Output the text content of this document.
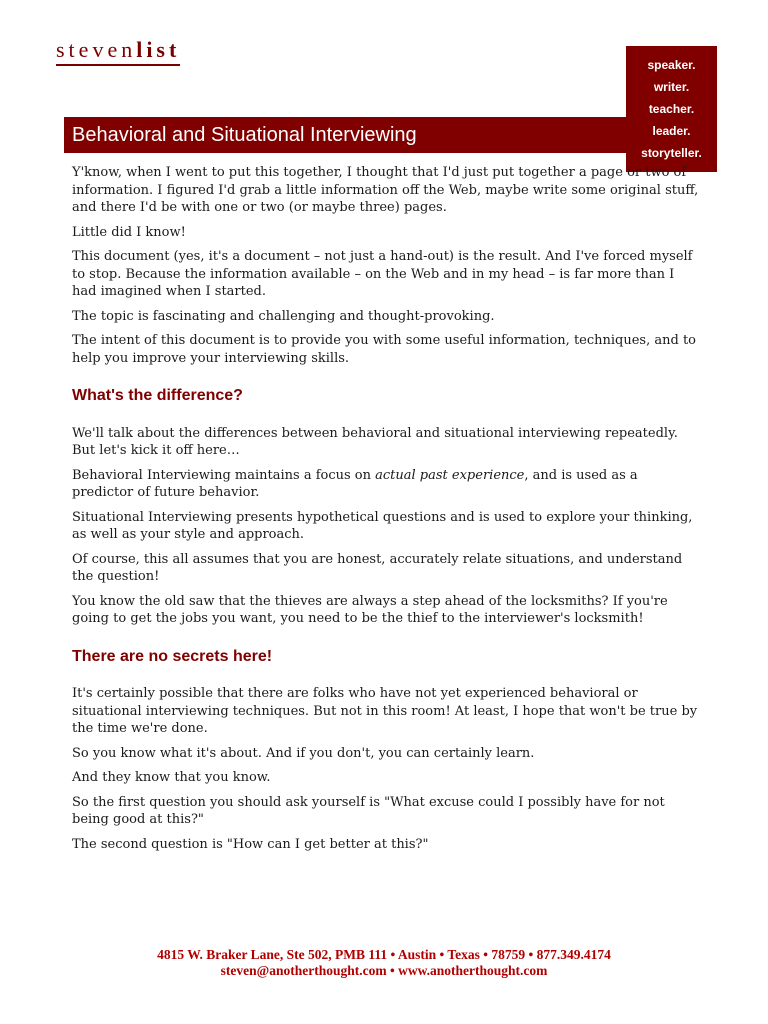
stevenlist
speaker.
writer.
teacher.
leader.
storyteller.
Behavioral and Situational Interviewing

Y'know, when I went to put this together, I thought that I'd just put together a page or two of information. I figured I'd grab a little information off the Web, maybe write some original stuff, and there I'd be with one or two (or maybe three) pages.

Little did I know!

This document (yes, it's a document – not just a hand-out) is the result. And I've forced myself to stop. Because the information available – on the Web and in my head – is far more than I had imagined when I started.

The topic is fascinating and challenging and thought-provoking.

The intent of this document is to provide you with some useful information, techniques, and to help you improve your interviewing skills.

What's the difference?

We'll talk about the differences between behavioral and situational interviewing repeatedly. But let's kick it off here…

Behavioral Interviewing maintains a focus on actual past experience, and is used as a predictor of future behavior.

Situational Interviewing presents hypothetical questions and is used to explore your thinking, as well as your style and approach.

Of course, this all assumes that you are honest, accurately relate situations, and understand the question!

You know the old saw that the thieves are always a step ahead of the locksmiths? If you're going to get the jobs you want, you need to be the thief to the interviewer's locksmith!

There are no secrets here!

It's certainly possible that there are folks who have not yet experienced behavioral or situational interviewing techniques. But not in this room! At least, I hope that won't be true by the time we're done.

So you know what it's about. And if you don't, you can certainly learn.

And they know that you know.

So the first question you should ask yourself is "What excuse could I possibly have for not being good at this?"

The second question is "How can I get better at this?"

4815 W. Braker Lane, Ste 502, PMB 111 • Austin • Texas • 78759 • 877.349.4174
steven@anotherthought.com • www.anotherthought.com
